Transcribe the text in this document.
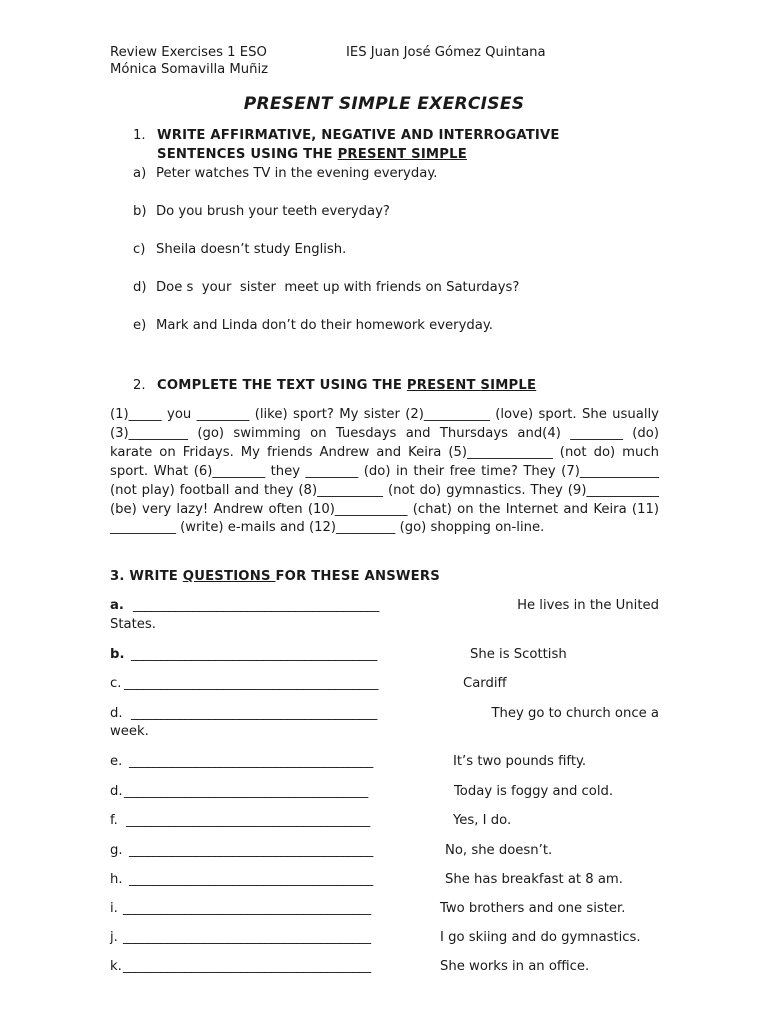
Review Exercises 1 ESO	IES Juan José Gómez Quintana
Mónica Somavilla Muñiz
PRESENT SIMPLE EXERCISES
1. WRITE AFFIRMATIVE, NEGATIVE AND INTERROGATIVE
SENTENCES USING THE PRESENT SIMPLE
a) Peter watches TV in the evening everyday.
b) Do you brush your teeth everyday?
c) Sheila doesn’t study English.
d) Doe s  your  sister  meet up with friends on Saturdays?
e) Mark and Linda don’t do their homework everyday.
2. COMPLETE THE TEXT USING THE PRESENT SIMPLE
(1)_____ you ________ (like) sport? My sister (2)__________ (love) sport. She usually (3)_________ (go) swimming on Tuesdays and Thursdays and(4) ________ (do) karate on Fridays. My friends Andrew and Keira (5)_____________ (not do) much sport. What (6)________ they ________ (do) in their free time? They (7)____________ (not play) football and they (8)__________ (not do) gymnastics. They (9)___________ (be) very lazy! Andrew often (10)___________ (chat) on the Internet and Keira (11) __________ (write) e-mails and (12)_________ (go) shopping on-line.
3. WRITE QUESTIONS FOR THESE ANSWERS
a. _________________________________________	He lives in the United
States.
b. _________________________________________	She is Scottish
c. _________________________________________	Cardiff
d. _________________________________________	They go to church once a
week.
e. ________________________________________	It’s two pounds fifty.
d. ________________________________________	Today is foggy and cold.
f. ________________________________________	Yes, I do.
g. ________________________________________	No, she doesn’t.
h. ________________________________________	She has breakfast at 8 am.
i. ________________________________________	Two brothers and one sister.
j. ________________________________________	I go skiing and do gymnastics.
k. ________________________________________	She works in an office.
